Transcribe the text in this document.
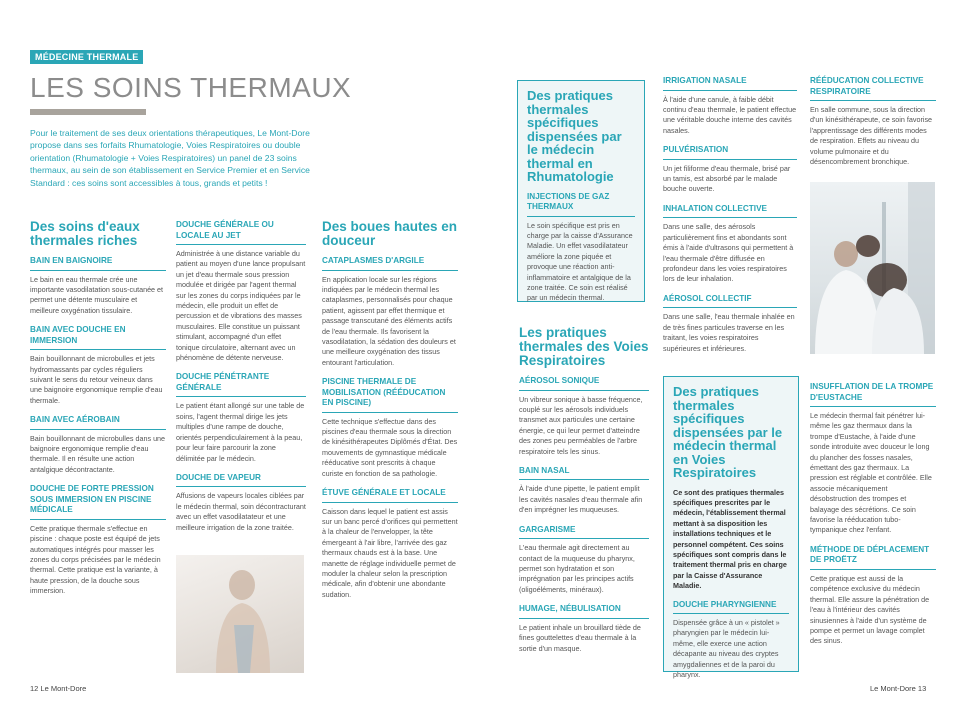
MÉDECINE THERMALE
LES SOINS THERMAUX
Pour le traitement de ses deux orientations thérapeutiques, Le Mont-Dore propose dans ses forfaits Rhumatologie, Voies Respiratoires ou double orientation (Rhumatologie + Voies Respiratoires) un panel de 23 soins thermaux, au sein de son établissement en Service Premier et en Service Standard : ces soins sont accessibles à tous, grands et petits !
Des soins d'eaux thermales riches
BAIN EN BAIGNOIRE
Le bain en eau thermale crée une importante vasodilatation sous-cutanée et permet une détente musculaire et meilleure oxygénation tissulaire.
BAIN AVEC DOUCHE EN IMMERSION
Bain bouillonnant de microbulles et jets hydromassants par cycles réguliers suivant le sens du retour veineux dans une baignoire ergonomique remplie d'eau thermale.
BAIN AVEC AÉROBAIN
Bain bouillonnant de microbulles dans une baignoire ergonomique remplie d'eau thermale. Il en résulte une action antalgique décontractante.
DOUCHE DE FORTE PRESSION SOUS IMMERSION EN PISCINE MÉDICALE
Cette pratique thermale s'effectue en piscine : chaque poste est équipé de jets automatiques intégrés pour masser les zones du corps précisées par le médecin thermal. Cette pratique est la variante, à haute pression, de la douche sous immersion.
DOUCHE GÉNÉRALE OU LOCALE AU JET
Administrée à une distance variable du patient au moyen d'une lance propulsant un jet d'eau thermale sous pression modulée et dirigée par l'agent thermal sur les zones du corps indiquées par le médecin, elle produit un effet de percussion et de vibrations des masses musculaires. Elle constitue un puissant stimulant, accompagné d'un effet tonique circulatoire, alternant avec un phénomène de détente nerveuse.
DOUCHE PÉNÉTRANTE GÉNÉRALE
Le patient étant allongé sur une table de soins, l'agent thermal dirige les jets multiples d'une rampe de douche, orientés perpendiculairement à la peau, pour leur faire parcourir la zone délimitée par le médecin.
DOUCHE DE VAPEUR
Affusions de vapeurs locales ciblées par le médecin thermal, soin décontracturant avec un effet vasodilatateur et une meilleure irrigation de la zone traitée.
Des boues hautes en douceur
CATAPLASMES D'ARGILE
En application locale sur les régions indiquées par le médecin thermal les cataplasmes, personnalisés pour chaque patient, agissent par effet thermique et passage transcutané des éléments actifs de l'eau thermale. Ils favorisent la vasodilatation, la sédation des douleurs et une meilleure oxygénation des tissus entourant l'articulation.
PISCINE THERMALE DE MOBILISATION (RÉÉDUCATION EN PISCINE)
Cette technique s'effectue dans des piscines d'eau thermale sous la direction de kinésithérapeutes Diplômés d'État. Des mouvements de gymnastique médicale rééducative sont prescrits à chaque curiste en fonction de sa pathologie.
ÉTUVE GÉNÉRALE ET LOCALE
Caisson dans lequel le patient est assis sur un banc percé d'orifices qui permettent à la chaleur de l'envelopper, la tête émergeant à l'air libre, l'arrivée des gaz thermaux chauds est à la base. Une manette de réglage individuelle permet de moduler la chaleur selon la prescription médicale, afin d'obtenir une abondante sudation.
12 Le Mont-Dore
Des pratiques thermales spécifiques dispensées par le médecin thermal en Rhumatologie
INJECTIONS DE GAZ THERMAUX
Le soin spécifique est pris en charge par la caisse d'Assurance Maladie. Un effet vasodilatateur améliore la zone piquée et provoque une réaction anti-inflammatoire et antalgique de la zone traitée. Ce soin est réalisé par un médecin thermal.
Les pratiques thermales des Voies Respiratoires
AÉROSOL SONIQUE
Un vibreur sonique à basse fréquence, couplé sur les aérosols individuels transmet aux particules une certaine énergie, ce qui leur permet d'atteindre des zones peu perméables de l'arbre respiratoire tels les sinus.
BAIN NASAL
À l'aide d'une pipette, le patient emplit les cavités nasales d'eau thermale afin d'en imprégner les muqueuses.
GARGARISME
L'eau thermale agit directement au contact de la muqueuse du pharynx, permet son hydratation et son imprégnation par les principes actifs (oligoéléments, minéraux).
HUMAGE, NÉBULISATION
Le patient inhale un brouillard tiède de fines gouttelettes d'eau thermale à la sortie d'un masque.
IRRIGATION NASALE
À l'aide d'une canule, à faible débit continu d'eau thermale, le patient effectue une véritable douche interne des cavités nasales.
PULVÉRISATION
Un jet filiforme d'eau thermale, brisé par un tamis, est absorbé par le malade bouche ouverte.
INHALATION COLLECTIVE
Dans une salle, des aérosols particulièrement fins et abondants sont émis à l'aide d'ultrasons qui permettent à l'eau thermale d'être diffusée en profondeur dans les voies respiratoires lors de leur inhalation.
AÉROSOL COLLECTIF
Dans une salle, l'eau thermale inhalée en de très fines particules traverse en les traitant, les voies respiratoires supérieures et inférieures.
RÉÉDUCATION COLLECTIVE RESPIRATOIRE
En salle commune, sous la direction d'un kinésithérapeute, ce soin favorise l'apprentissage des différents modes de respiration. Effets au niveau du volume pulmonaire et du désencombrement bronchique.
Des pratiques thermales spécifiques dispensées par le médecin thermal en Voies Respiratoires
Ce sont des pratiques thermales spécifiques prescrites par le médecin, l'établissement thermal mettant à sa disposition les installations techniques et le personnel compétent. Ces soins spécifiques sont compris dans le traitement thermal pris en charge par la Caisse d'Assurance Maladie.
DOUCHE PHARYNGIENNE
Dispensée grâce à un « pistolet » pharyngien par le médecin lui-même, elle exerce une action décapante au niveau des cryptes amygdaliennes et de la paroi du pharynx.
INSUFFLATION DE LA TROMPE D'EUSTACHE
Le médecin thermal fait pénétrer lui-même les gaz thermaux dans la trompe d'Eustache, à l'aide d'une sonde introduite avec douceur le long du plancher des fosses nasales, émettant des gaz thermaux. La pression est réglable et contrôlée. Elle associe mécaniquement désobstruction des trompes et balayage des sécrétions. Ce soin favorise la rééducation tubo-tympanique chez l'enfant.
MÉTHODE DE DÉPLACEMENT DE PROËTZ
Cette pratique est aussi de la compétence exclusive du médecin thermal. Elle assure la pénétration de l'eau à l'intérieur des cavités sinusiennes à l'aide d'un système de pompe et permet un lavage complet des sinus.
Le Mont-Dore 13
